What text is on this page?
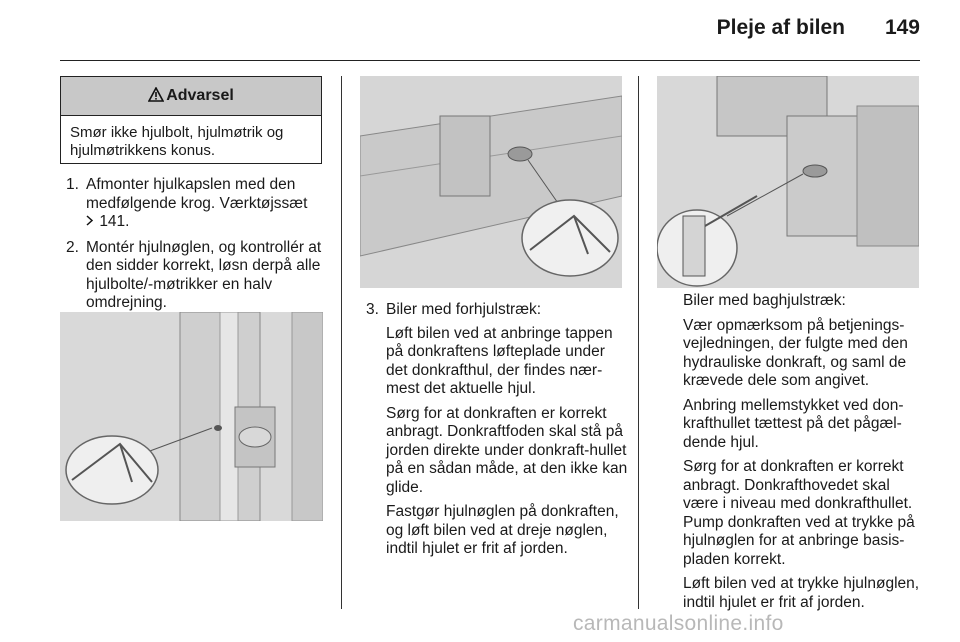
Pleje af bilen 149
Advarsel
Smør ikke hjulbolt, hjulmøtrik og hjulmøtrikkens konus.
1. Afmonter hjulkapslen med den medfølgende krog. Værktøjssæt
141.
2. Montér hjulnøglen, og kontrollér at den sidder korrekt, løsn derpå alle hjulbolte/-møtrikker en halv omdrejning.	3. Biler med forhjulstræk:

Løft bilen ved at anbringe tappen på donkraftens løfteplade under det donkrafthul, der findes nær-mest det aktuelle hjul.

Sørg for at donkraften er korrekt anbragt. Donkraftfoden skal stå på jorden direkte under donkraft-hullet på en sådan måde, at den ikke kan glide.

Fastgør hjulnøglen på donkraften, og løft bilen ved at dreje nøglen, indtil hjulet er frit af jorden.

Biler med baghjulstræk:

Vær opmærksom på betjenings-vejledningen, der fulgte med den hydrauliske donkraft, og saml de krævede dele som angivet.

Anbring mellemstykket ved don-krafthullet tættest på det pågæl-dende hjul.

Sørg for at donkraften er korrekt anbragt. Donkrafthovedet skal være i niveau med donkrafthullet. Pump donkraften ved at trykke på hjulnøglen for at anbringe basis-pladen korrekt.

Løft bilen ved at trykke hjulnøglen, indtil hjulet er frit af jorden.

carmanualsonline.info
